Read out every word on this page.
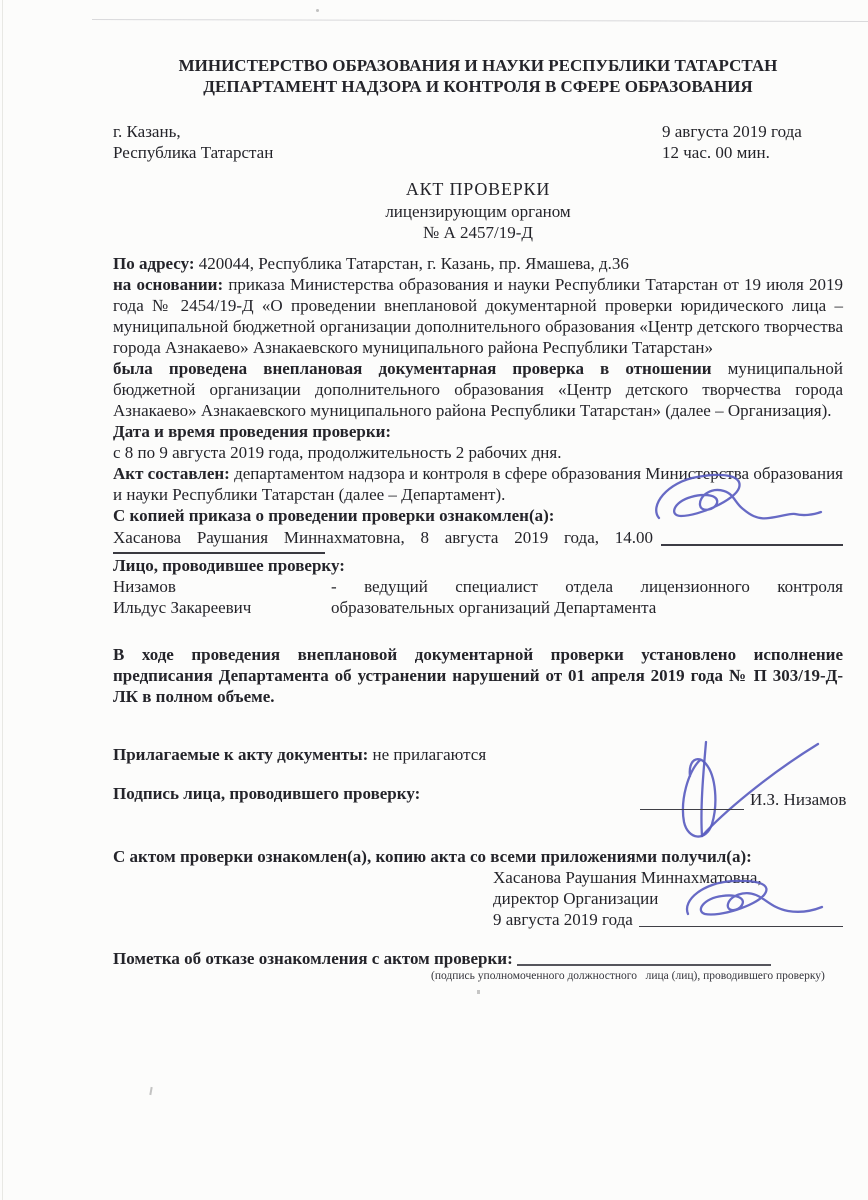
МИНИСТЕРСТВО ОБРАЗОВАНИЯ И НАУКИ РЕСПУБЛИКИ ТАТАРСТАН
ДЕПАРТАМЕНТ НАДЗОРА И КОНТРОЛЯ В СФЕРЕ ОБРАЗОВАНИЯ
г. Казань,
Республика Татарстан
9 августа 2019 года
12 час. 00 мин.
АКТ ПРОВЕРКИ
лицензирующим органом
№ А 2457/19-Д

По адресу: 420044, Республика Татарстан, г. Казань, пр. Ямашева, д.36

на основании: приказа Министерства образования и науки Республики Татарстан от 19 июля 2019 года № 2454/19-Д «О проведении внеплановой документарной проверки юридического лица – муниципальной бюджетной организации дополнительного образования «Центр детского творчества города Азнакаево» Азнакаевского муниципального района Республики Татарстан»

была проведена внеплановая документарная проверка в отношении муниципальной бюджетной организации дополнительного образования «Центр детского творчества города Азнакаево» Азнакаевского муниципального района Республики Татарстан» (далее – Организация).

Дата и время проведения проверки:

с 8 по 9 августа 2019 года, продолжительность 2 рабочих дня.

Акт составлен: департаментом надзора и контроля в сфере образования Министерства образования и науки Республики Татарстан (далее – Департамент).

С копией приказа о проведении проверки ознакомлен(а):

Хасанова Раушания Миннахматовна, 8 августа 2019 года, 14.00

Лицо, проводившее проверку:

Низамов
Ильдус Закареевич
- ведущий специалист отдела лицензионного контроля
образовательных организаций Департамента

В ходе проведения внеплановой документарной проверки установлено исполнение предписания Департамента об устранении нарушений от 01 апреля 2019 года № П 303/19-Д-ЛК в полном объеме.

Прилагаемые к акту документы: не прилагаются

Подпись лица, проводившего проверку:

С актом проверки ознакомлен(а), копию акта со всеми приложениями получил(а):

Хасанова Раушания Миннахматовна,
директор Организации
9 августа 2019 года
Пометка об отказе ознакомления с актом проверки:
(подпись уполномоченного должностного   лица (лиц), проводившего проверку)
И.З. Низамов
